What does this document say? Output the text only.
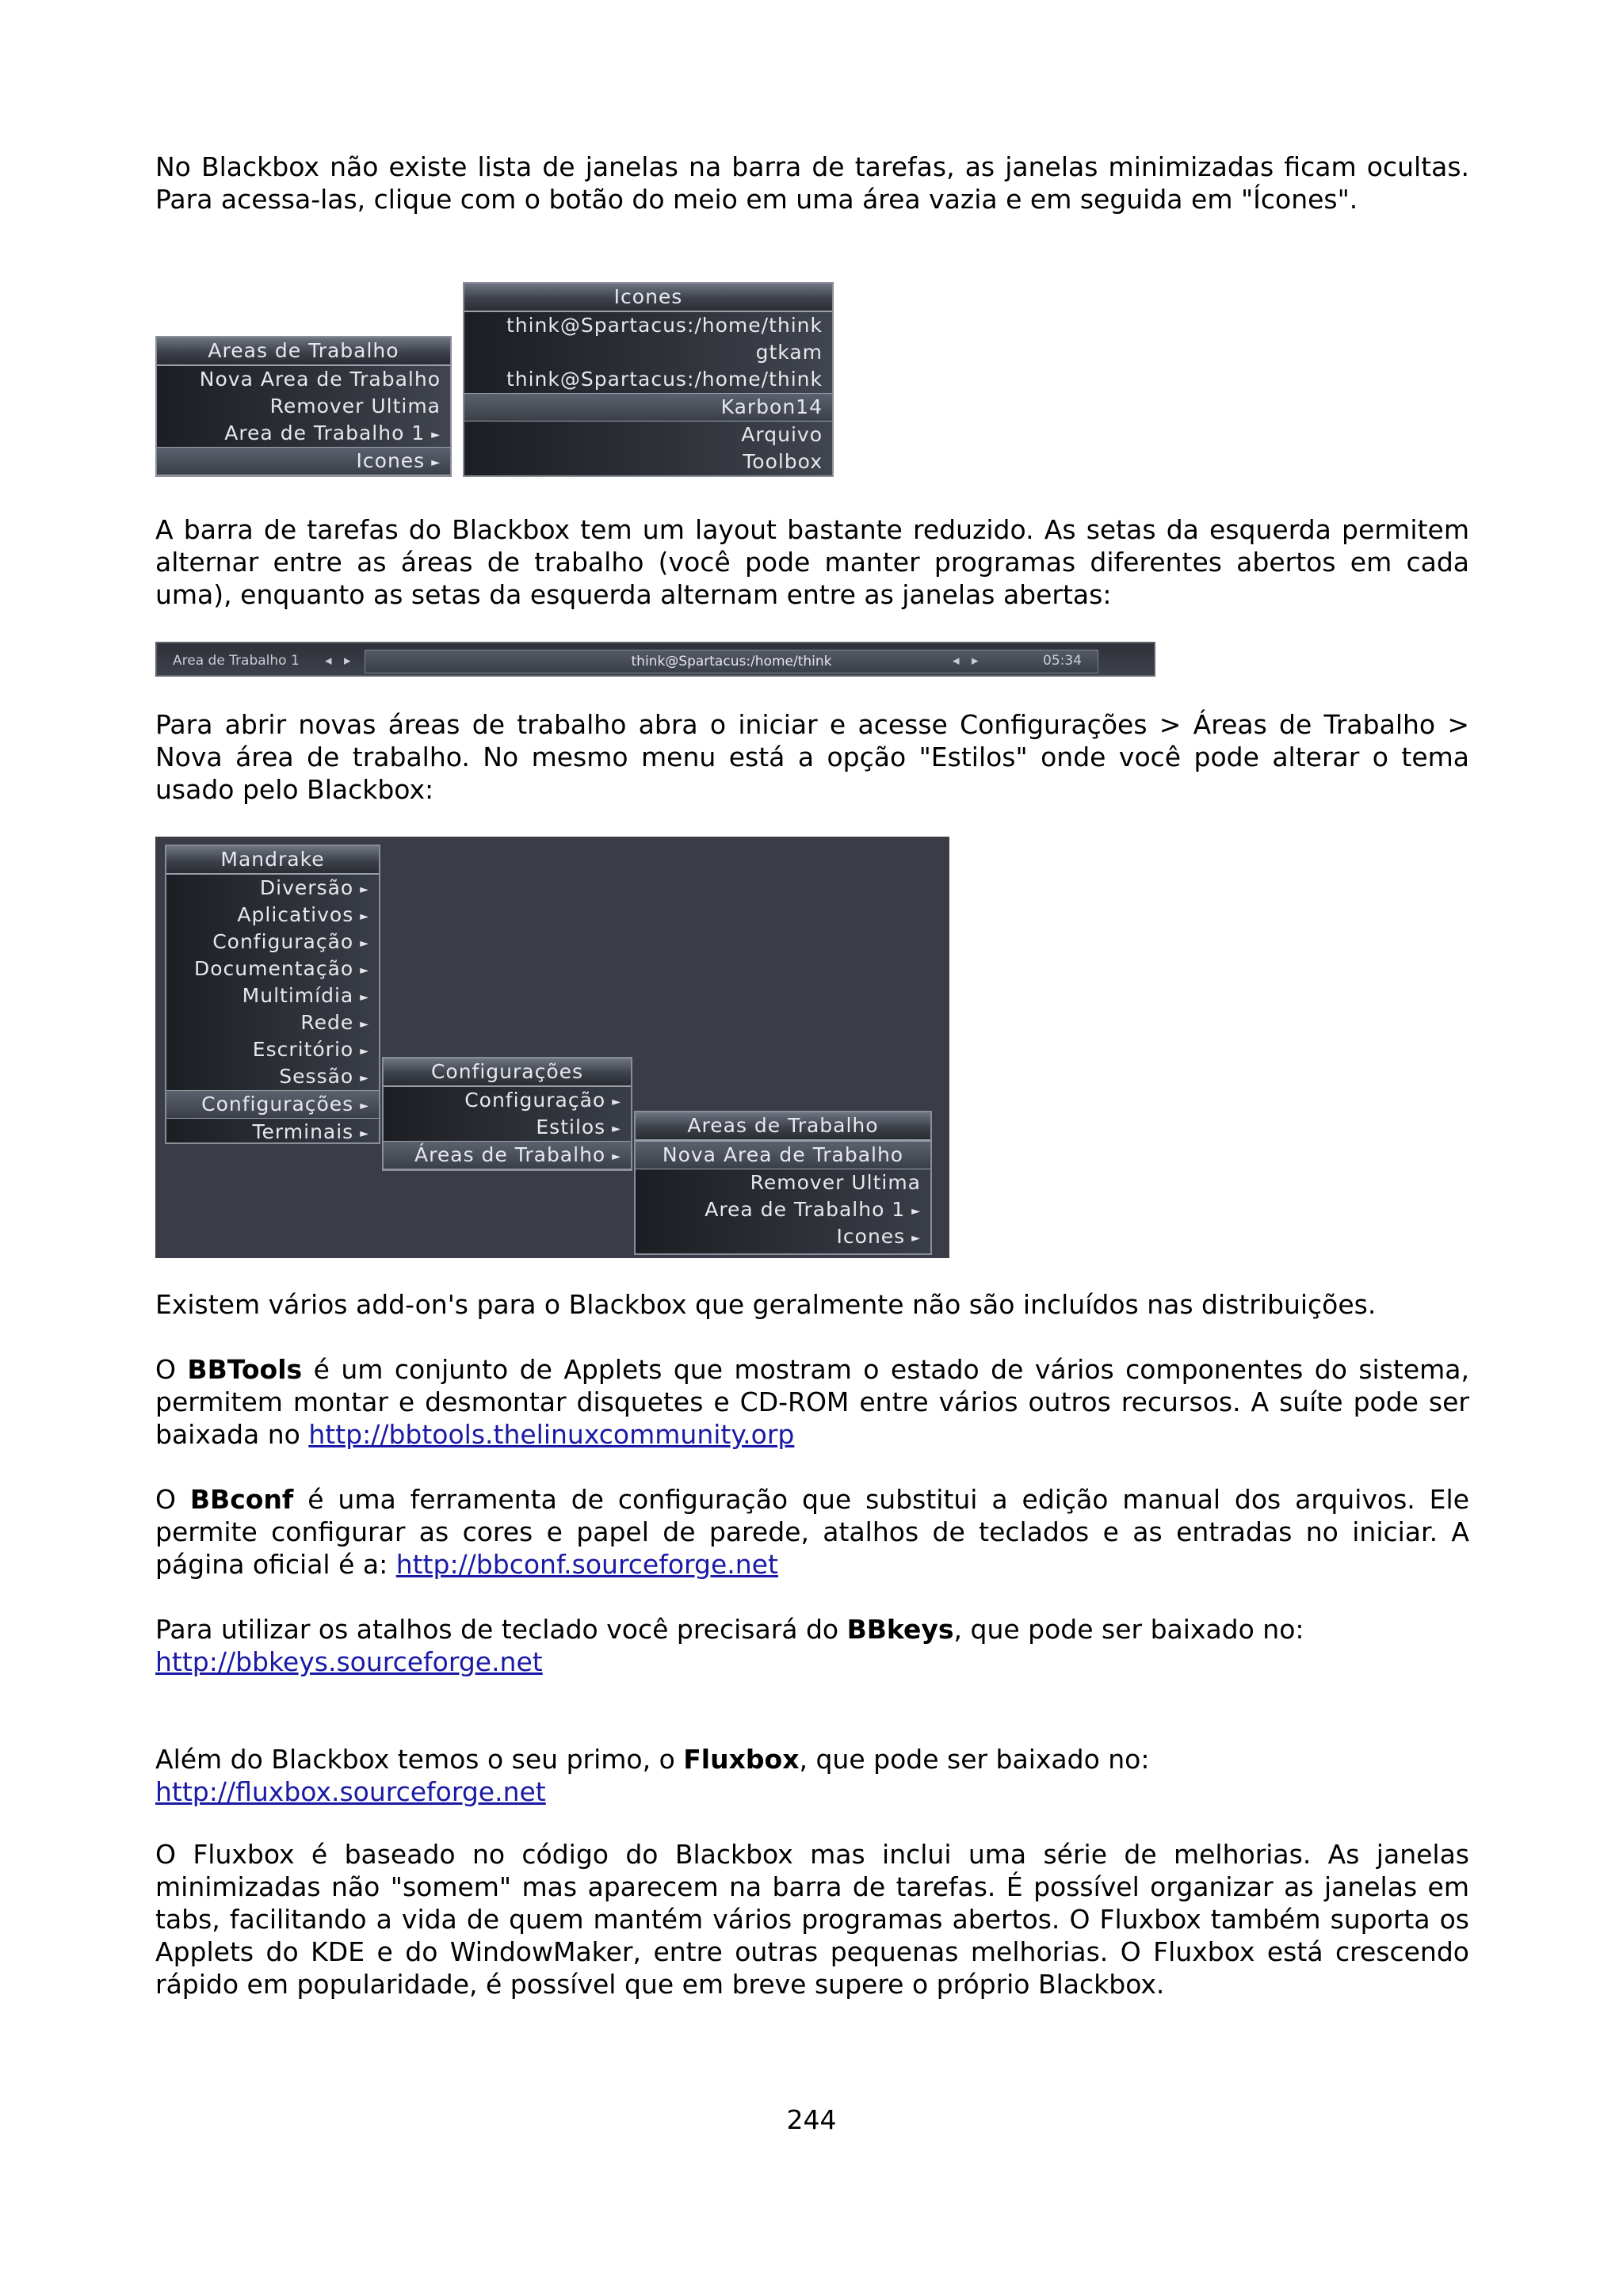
No Blackbox não existe lista de janelas na barra de tarefas, as janelas minimizadas ficam ocultas. Para acessa-las, clique com o botão do meio em uma área vazia e em seguida em "Ícones".

Areas de Trabalho
Nova Area de Trabalho
Remover Ultima
Area de Trabalho 1 ►
Icones ►
Icones
think@Spartacus:/home/think
gtkam
think@Spartacus:/home/think
Karbon14
Arquivo
Toolbox

A barra de tarefas do Blackbox tem um layout bastante reduzido. As setas da esquerda permitem alternar entre as áreas de trabalho (você pode manter programas diferentes abertos em cada uma), enquanto as setas da esquerda alternam entre as janelas abertas:

Area de Trabalho 1 ◂ ▸	think@Spartacus:/home/think	◂ ▸	05:34

Para abrir novas áreas de trabalho abra o iniciar e acesse Configurações > Áreas de Trabalho > Nova área de trabalho. No mesmo menu está a opção "Estilos" onde você pode alterar o tema usado pelo Blackbox:

Mandrake
Diversão ►
Aplicativos ►
Configuração ►
Documentação ►
Multimídia ►
Rede ►
Escritório ►
Sessão ►
Configurações ►
Terminais ►
Configurações
Configuração ►
Estilos ►
Áreas de Trabalho ►
Areas de Trabalho
Nova Area de Trabalho
Remover Ultima
Area de Trabalho 1 ►
Icones ►

Existem vários add-on's para o Blackbox que geralmente não são incluídos nas distribuições.

O BBTools é um conjunto de Applets que mostram o estado de vários componentes do sistema, permitem montar e desmontar disquetes e CD-ROM entre vários outros recursos. A suíte pode ser baixada no http://bbtools.thelinuxcommunity.orp

O BBconf é uma ferramenta de configuração que substitui a edição manual dos arquivos. Ele permite configurar as cores e papel de parede, atalhos de teclados e as entradas no iniciar. A página oficial é a: http://bbconf.sourceforge.net

Para utilizar os atalhos de teclado você precisará do BBkeys, que pode ser baixado no:
http://bbkeys.sourceforge.net

Além do Blackbox temos o seu primo, o Fluxbox, que pode ser baixado no:
http://fluxbox.sourceforge.net

O Fluxbox é baseado no código do Blackbox mas inclui uma série de melhorias. As janelas minimizadas não "somem" mas aparecem na barra de tarefas. É possível organizar as janelas em tabs, facilitando a vida de quem mantém vários programas abertos. O Fluxbox também suporta os Applets do KDE e do WindowMaker, entre outras pequenas melhorias. O Fluxbox está crescendo rápido em popularidade, é possível que em breve supere o próprio Blackbox.

244
